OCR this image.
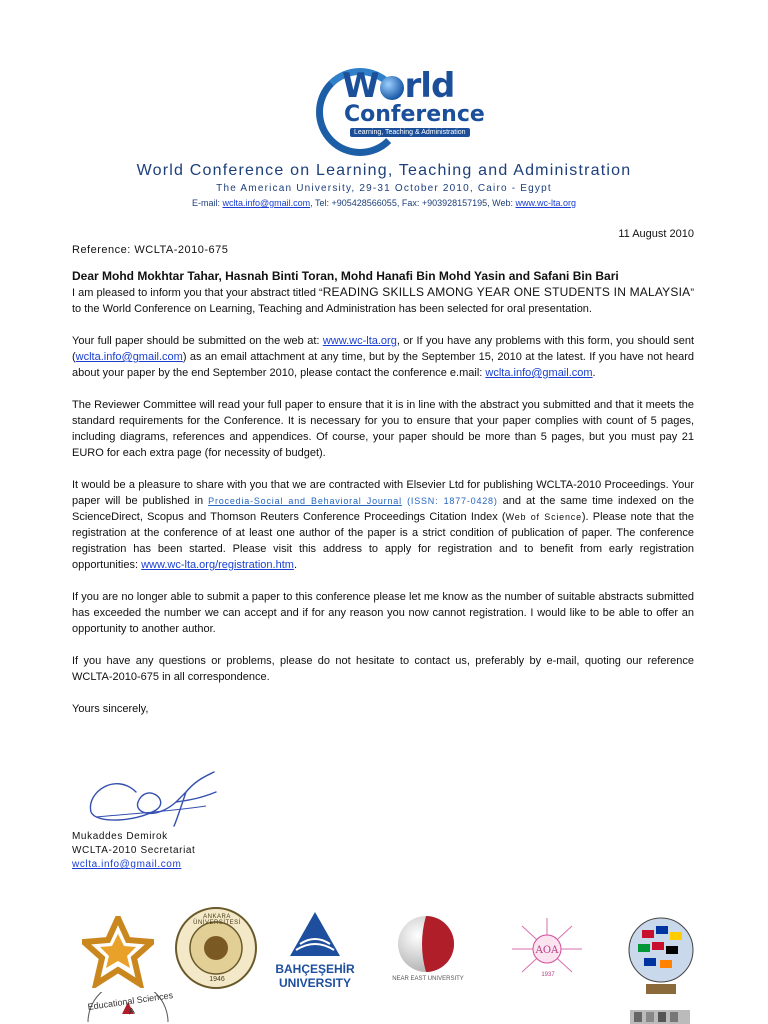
W rld
Conference
Learning, Teaching & Administration
World Conference on Learning, Teaching and Administration
The American University, 29-31 October 2010, Cairo - Egypt
E-mail: wclta.info@gmail.com, Tel: +905428566055, Fax: +903928157195, Web: www.wc-lta.org
11 August 2010
Reference: WCLTA-2010-675

Dear Mohd Mokhtar Tahar, Hasnah Binti Toran, Mohd Hanafi Bin Mohd Yasin and Safani Bin Bari

I am pleased to inform you that your abstract titled “READING SKILLS AMONG YEAR ONE STUDENTS IN MALAYSIA” to the World Conference on Learning, Teaching and Administration has been selected for oral presentation.

Your full paper should be submitted on the web at: www.wc-lta.org, or If you have any problems with this form, you should sent (wclta.info@gmail.com) as an email attachment at any time, but by the September 15, 2010 at the latest. If you have not heard about your paper by the end September 2010, please contact the conference e.mail: wclta.info@gmail.com.

The Reviewer Committee will read your full paper to ensure that it is in line with the abstract you submitted and that it meets the standard requirements for the Conference. It is necessary for you to ensure that your paper complies with count of 5 pages, including diagrams, references and appendices. Of course, your paper should be more than 5 pages, but you must pay 21 EURO for each extra page (for necessity of budget).

It would be a pleasure to share with you that we are contracted with Elsevier Ltd for publishing WCLTA-2010 Proceedings. Your paper will be published in Procedia-Social and Behavioral Journal (ISSN: 1877-0428) and at the same time indexed on the ScienceDirect, Scopus and Thomson Reuters Conference Proceedings Citation Index (Web of Science). Please note that the registration at the conference of at least one author of the paper is a strict condition of publication of paper. The conference registration has been started. Please visit this address to apply for registration and to benefit from early registration opportunities: www.wc-lta.org/registration.htm.

If you are no longer able to submit a paper to this conference please let me know as the number of suitable abstracts submitted has exceeded the number we can accept and if for any reason you now cannot registration. I would like to be able to offer an opportunity to another author.

If you have any questions or problems, please do not hesitate to contact us, preferably by e-mail, quoting our reference WCLTA-2010-675 in all correspondence.

Yours sincerely,

Mukaddes Demirok
WCLTA-2010 Secretariat
wclta.info@gmail.com
ANKARA ÜNİVERSİTESİ
1946
BAHÇEŞEHİR
UNIVERSITY	NEAR EAST UNIVERSITY
AOA
1937
Educational Sciences A
